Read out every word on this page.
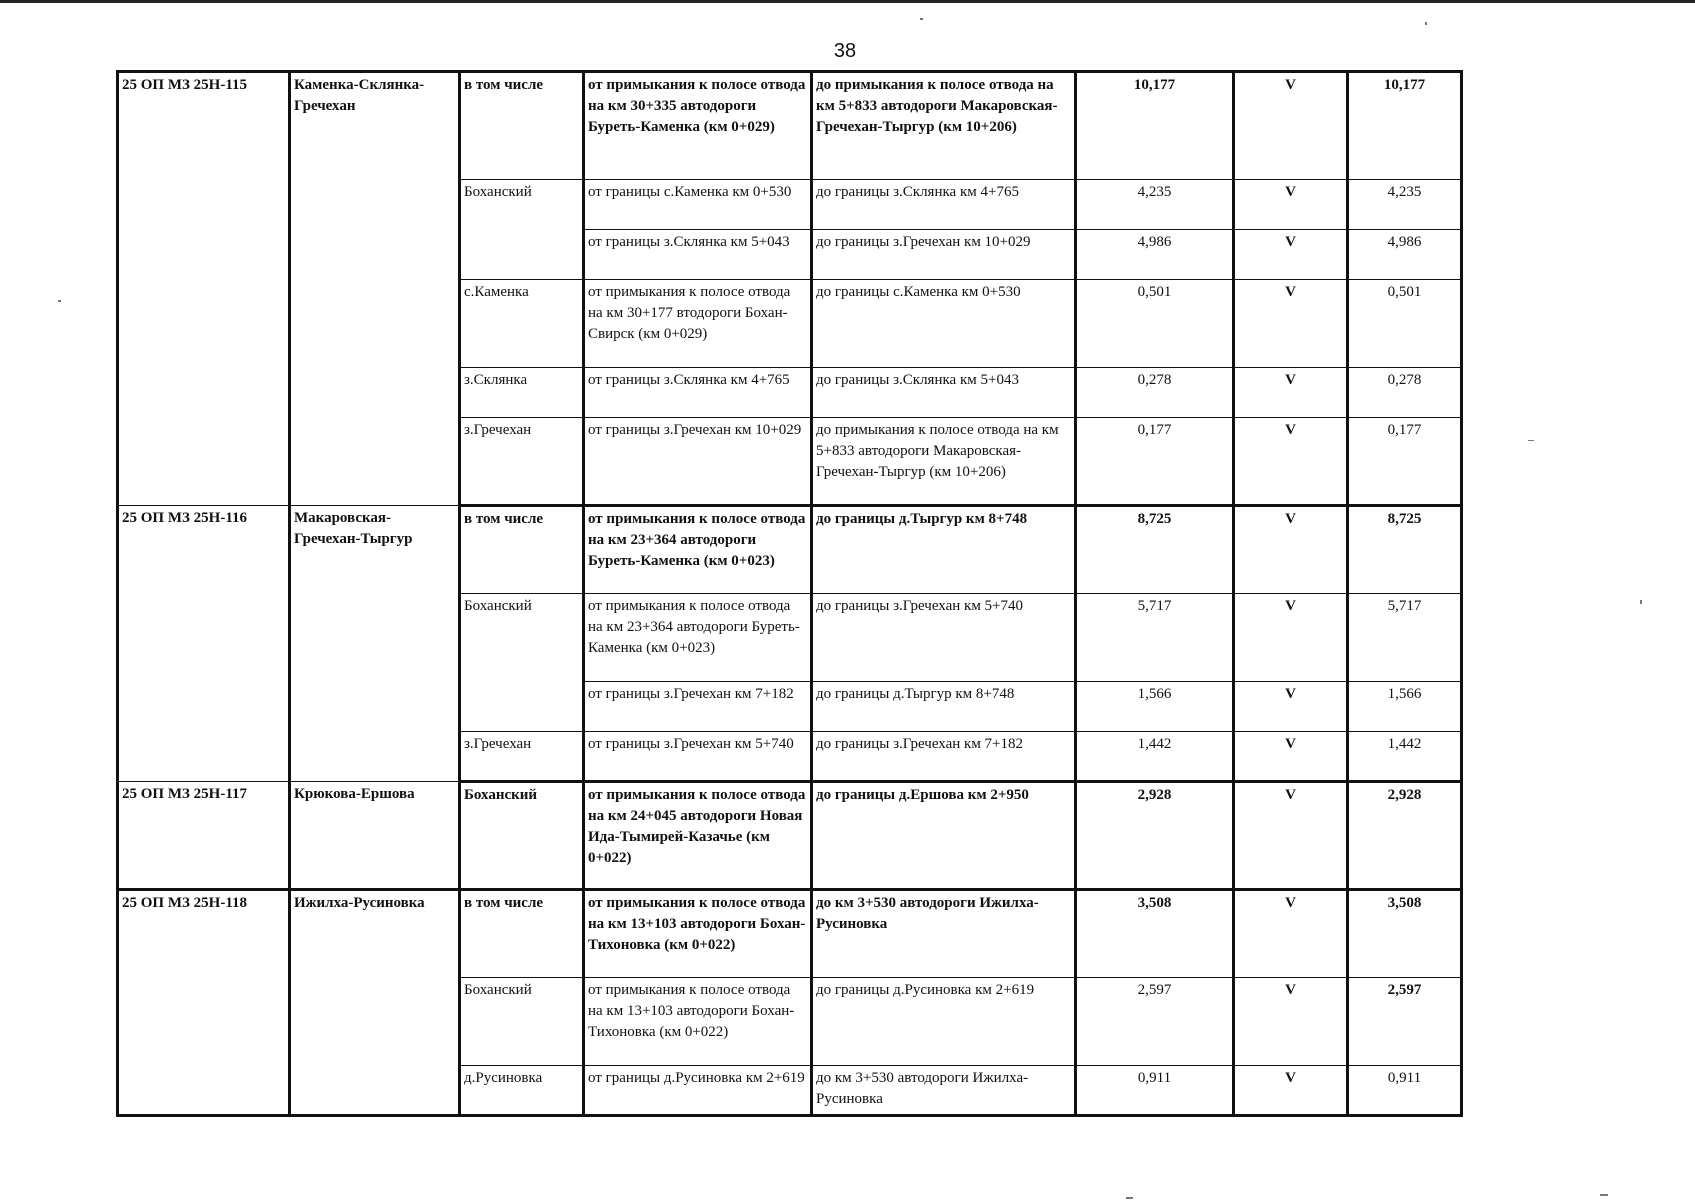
38
25 ОП МЗ 25Н-115	Каменка-Склянка-Гречехан	в том числе	от примыкания к полосе отвода на км 30+335 автодороги Буреть-Каменка (км 0+029)	до примыкания к полосе отвода на км 5+833 автодороги Макаровская-Гречехан-Тыргур (км 10+206)	10,177	V	10,177
		Боханский	от границы с.Каменка км 0+530	до границы з.Склянка км 4+765	4,235	V	4,235
			от границы з.Склянка км 5+043	до границы з.Гречехан км 10+029	4,986	V	4,986
		с.Каменка	от примыкания к полосе отвода на км 30+177 втодороги Бохан-Свирск (км 0+029)	до границы с.Каменка км 0+530	0,501	V	0,501
		з.Склянка	от границы з.Склянка км 4+765	до границы з.Склянка км 5+043	0,278	V	0,278
		з.Гречехан	от границы з.Гречехан км 10+029	до примыкания к полосе отвода на км 5+833 автодороги Макаровская-Гречехан-Тыргур (км 10+206)	0,177	V	0,177
25 ОП МЗ 25Н-116	Макаровская-Гречехан-Тыргур	в том числе	от примыкания к полосе отвода на км 23+364 автодороги Буреть-Каменка (км 0+023)	до границы д.Тыргур км 8+748	8,725	V	8,725
		Боханский	от примыкания к полосе отвода на км 23+364 автодороги Буреть-Каменка (км 0+023)	до границы з.Гречехан км 5+740	5,717	V	5,717
			от границы з.Гречехан км 7+182	до границы д.Тыргур км 8+748	1,566	V	1,566
		з.Гречехан	от границы з.Гречехан км 5+740	до границы з.Гречехан км 7+182	1,442	V	1,442
25 ОП МЗ 25Н-117	Крюкова-Ершова	Боханский	от примыкания к полосе отвода на км 24+045 автодороги Новая Ида-Тымирей-Казачье (км 0+022)	до границы д.Ершова км 2+950	2,928	V	2,928
25 ОП МЗ 25Н-118	Ижилха-Русиновка	в том числе	от примыкания к полосе отвода на км 13+103 автодороги Бохан-Тихоновка (км 0+022)	до км 3+530 автодороги Ижилха-Русиновка	3,508	V	3,508
		Боханский	от примыкания к полосе отвода на км 13+103 автодороги Бохан-Тихоновка (км 0+022)	до границы д.Русиновка км 2+619	2,597	V	2,597
		д.Русиновка	от границы д.Русиновка км 2+619	до км 3+530 автодороги Ижилха-Русиновка	0,911	V	0,911
